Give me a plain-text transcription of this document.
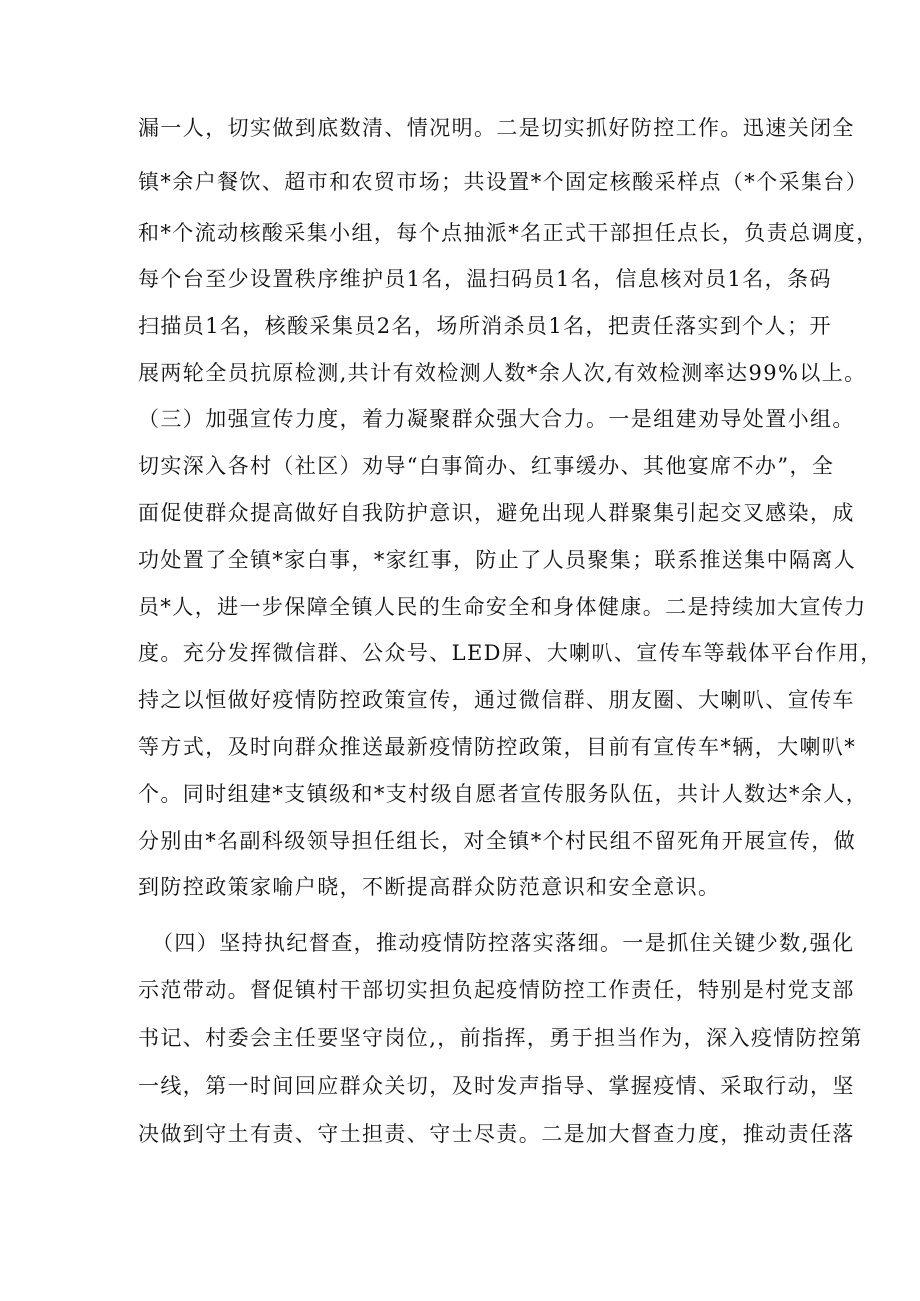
漏一人，切实做到底数清、情况明。二是切实抓好防控工作。迅速关闭全
镇*余户餐饮、超市和农贸市场；共设置*个固定核酸采样点（*个采集台）
和*个流动核酸采集小组，每个点抽派*名正式干部担任点长，负责总调度，
每个台至少设置秩序维护员1名，温扫码员1名，信息核对员1名，条码
扫描员1名，核酸采集员2名，场所消杀员1名，把责任落实到个人；开
展两轮全员抗原检测,共计有效检测人数*余人次,有效检测率达99%以上。
（三）加强宣传力度，着力凝聚群众强大合力。一是组建劝导处置小组。
切实深入各村（社区）劝导“白事简办、红事缓办、其他宴席不办”，全
面促使群众提高做好自我防护意识，避免出现人群聚集引起交叉感染，成
功处置了全镇*家白事，*家红事，防止了人员聚集；联系推送集中隔离人
员*人，进一步保障全镇人民的生命安全和身体健康。二是持续加大宣传力
度。充分发挥微信群、公众号、LED屏、大喇叭、宣传车等载体平台作用，
持之以恒做好疫情防控政策宣传，通过微信群、朋友圈、大喇叭、宣传车
等方式，及时向群众推送最新疫情防控政策，目前有宣传车*辆，大喇叭*
个。同时组建*支镇级和*支村级自愿者宣传服务队伍，共计人数达*余人，
分别由*名副科级领导担任组长，对全镇*个村民组不留死角开展宣传，做
到防控政策家喻户晓，不断提高群众防范意识和安全意识。
（四）坚持执纪督查，推动疫情防控落实落细。一是抓住关键少数,强化
示范带动。督促镇村干部切实担负起疫情防控工作责任，特别是村党支部
书记、村委会主任要坚守岗位,，前指挥，勇于担当作为，深入疫情防控第
一线，第一时间回应群众关切，及时发声指导、掌握疫情、采取行动，坚
决做到守土有责、守土担责、守士尽责。二是加大督查力度，推动责任落
